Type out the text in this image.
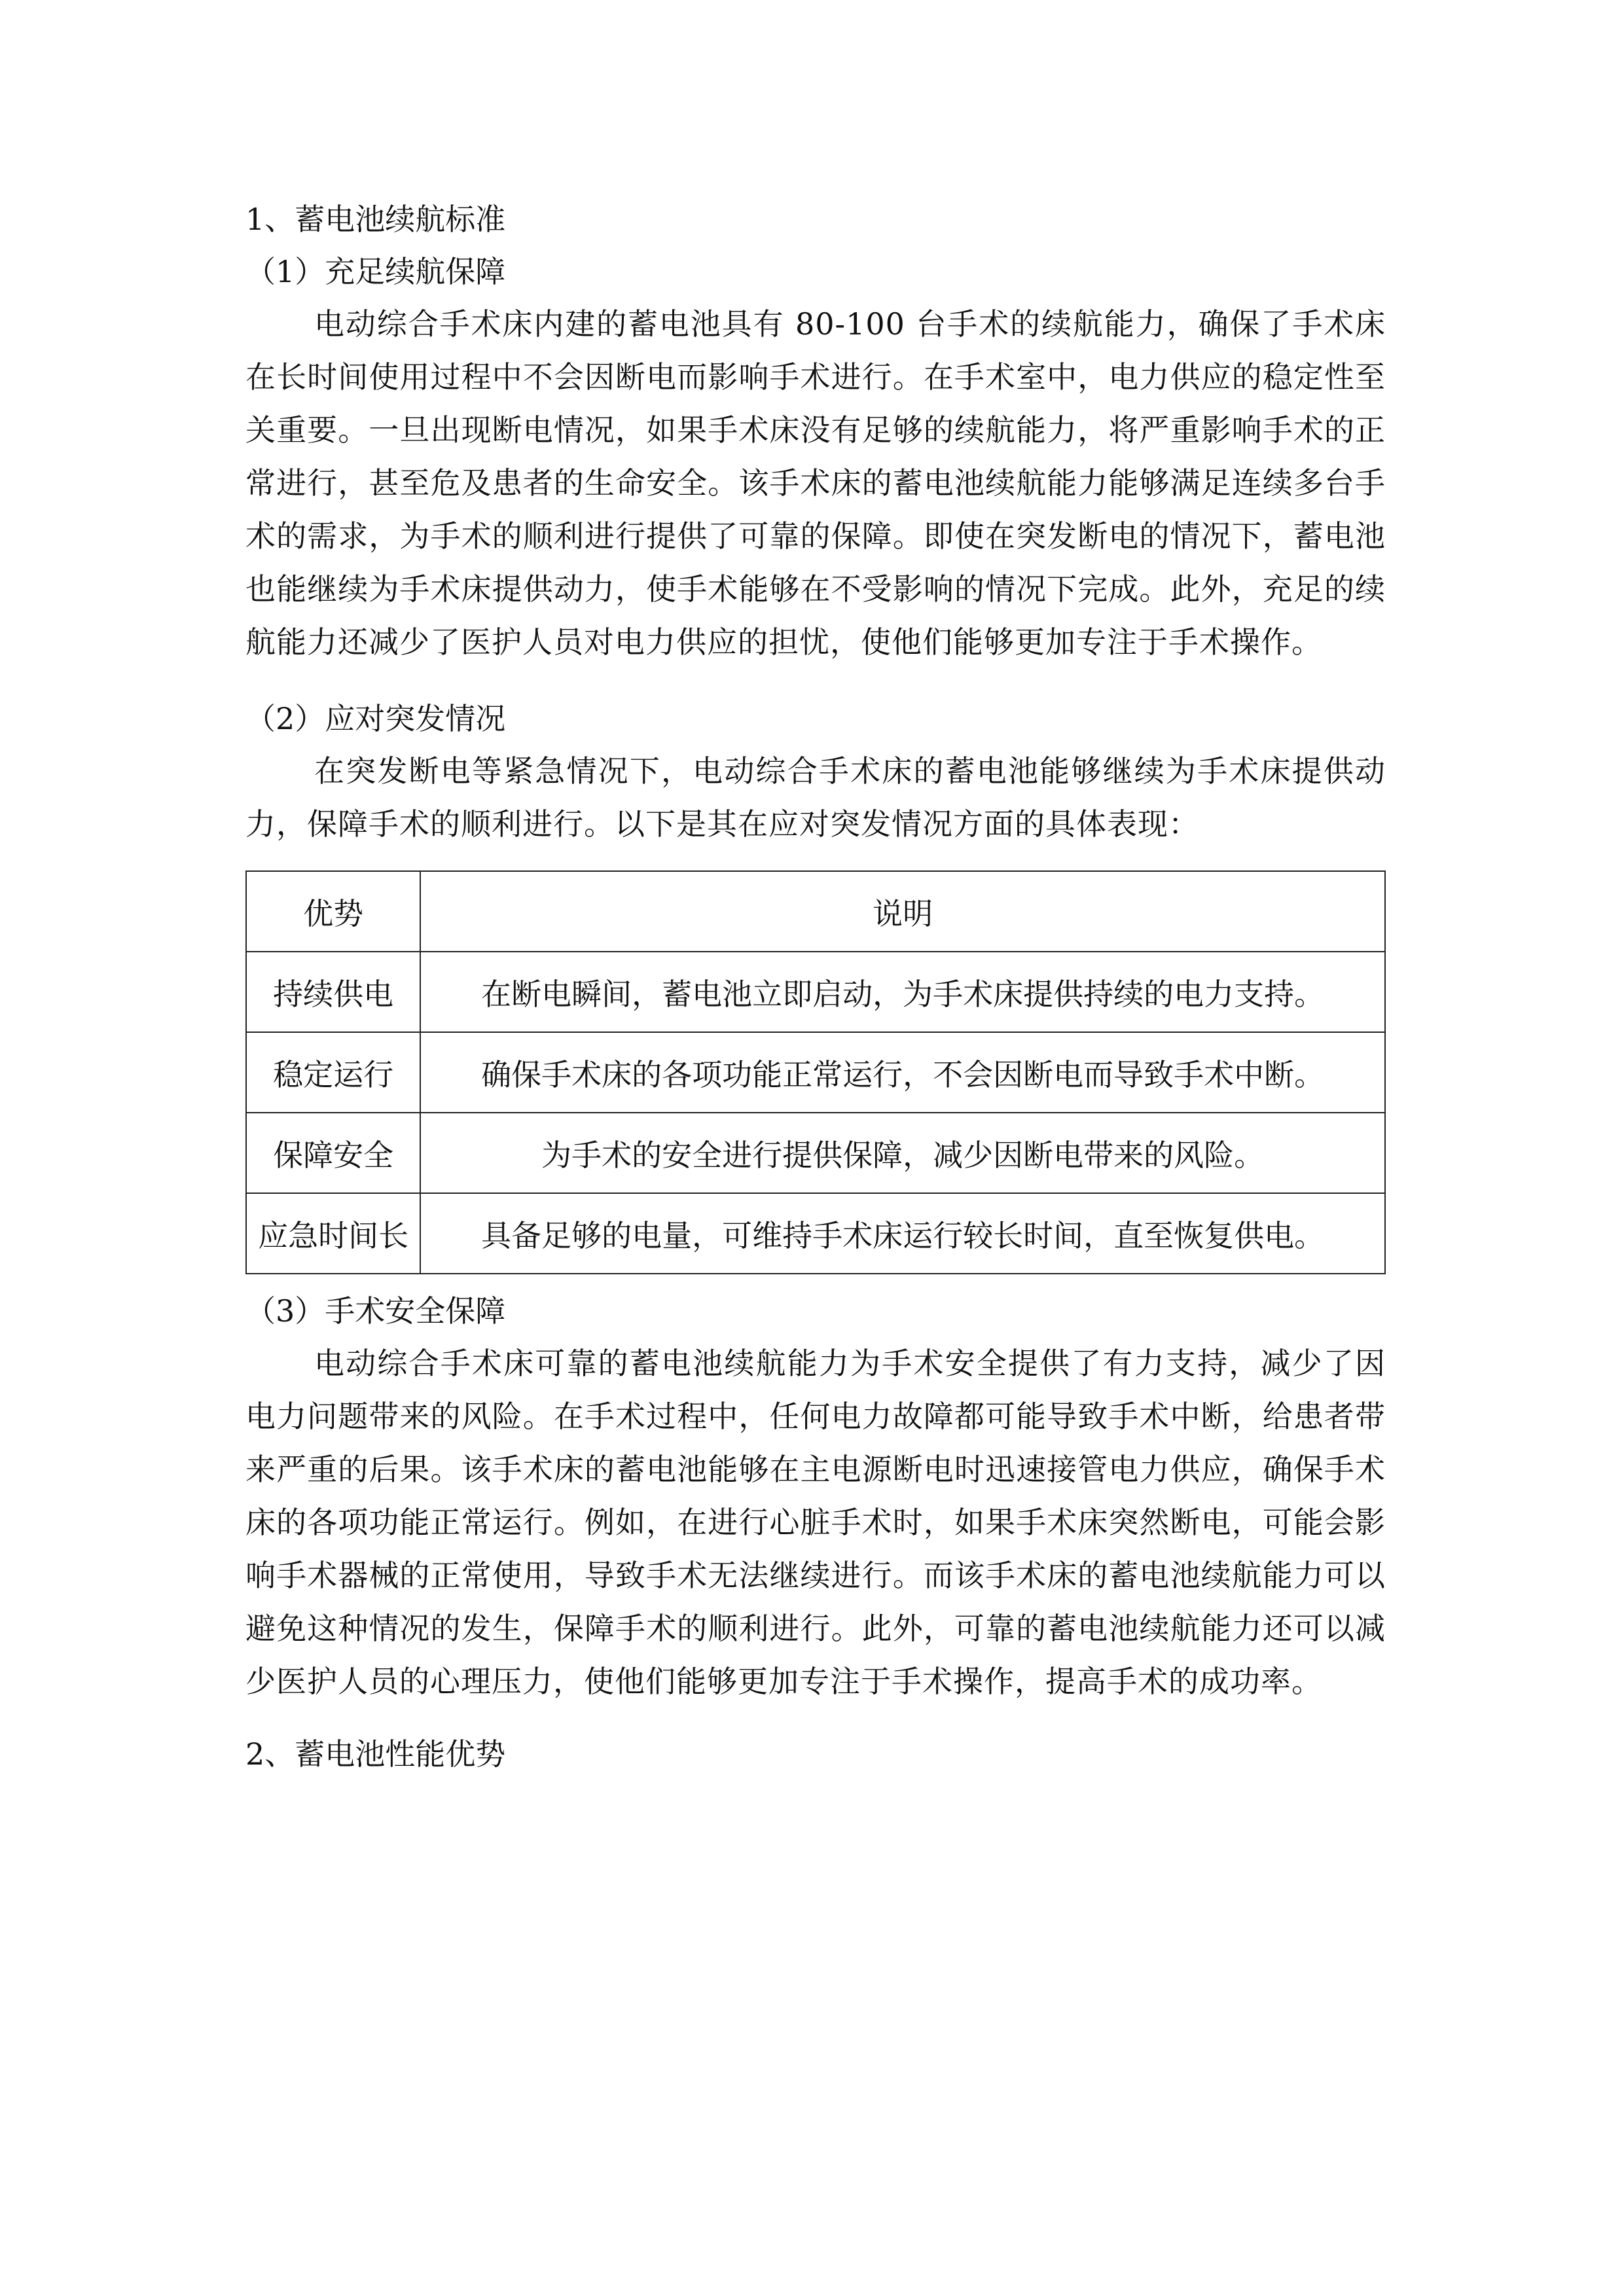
1、蓄电池续航标准

（1）充足续航保障

电动综合手术床内建的蓄电池具有 80-100 台手术的续航能力，确保了手术床在长时间使用过程中不会因断电而影响手术进行。在手术室中，电力供应的稳定性至关重要。一旦出现断电情况，如果手术床没有足够的续航能力，将严重影响手术的正常进行，甚至危及患者的生命安全。该手术床的蓄电池续航能力能够满足连续多台手术的需求，为手术的顺利进行提供了可靠的保障。即使在突发断电的情况下，蓄电池也能继续为手术床提供动力，使手术能够在不受影响的情况下完成。此外，充足的续航能力还减少了医护人员对电力供应的担忧，使他们能够更加专注于手术操作。

（2）应对突发情况

在突发断电等紧急情况下，电动综合手术床的蓄电池能够继续为手术床提供动力，保障手术的顺利进行。以下是其在应对突发情况方面的具体表现：

优势	说明
持续供电	在断电瞬间，蓄电池立即启动，为手术床提供持续的电力支持。
稳定运行	确保手术床的各项功能正常运行，不会因断电而导致手术中断。
保障安全	为手术的安全进行提供保障，减少因断电带来的风险。
应急时间长	具备足够的电量，可维持手术床运行较长时间，直至恢复供电。

（3）手术安全保障

电动综合手术床可靠的蓄电池续航能力为手术安全提供了有力支持，减少了因电力问题带来的风险。在手术过程中，任何电力故障都可能导致手术中断，给患者带来严重的后果。该手术床的蓄电池能够在主电源断电时迅速接管电力供应，确保手术床的各项功能正常运行。例如，在进行心脏手术时，如果手术床突然断电，可能会影响手术器械的正常使用，导致手术无法继续进行。而该手术床的蓄电池续航能力可以避免这种情况的发生，保障手术的顺利进行。此外，可靠的蓄电池续航能力还可以减少医护人员的心理压力，使他们能够更加专注于手术操作，提高手术的成功率。

2、蓄电池性能优势
